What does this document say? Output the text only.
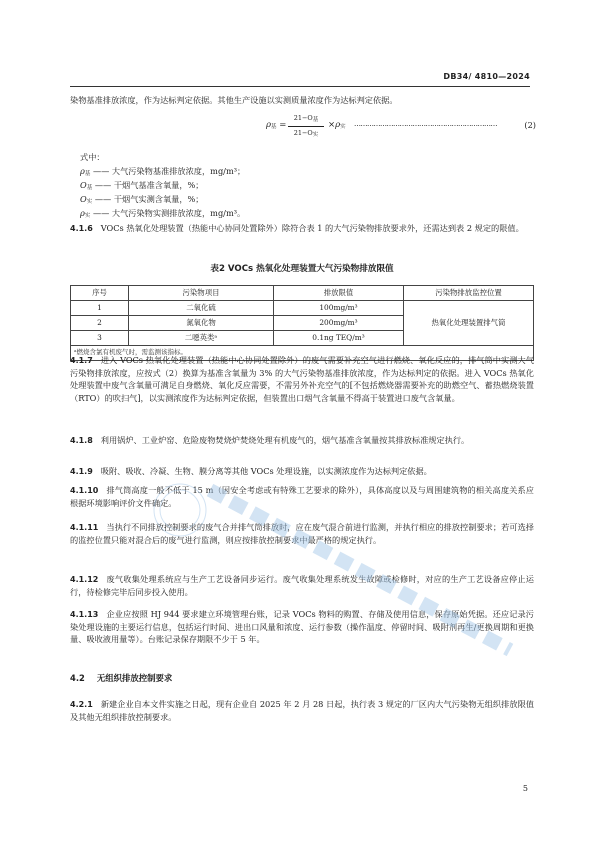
DB34/ 4810—2024

染物基准排放浓度，作为达标判定依据。其他生产设施以实测质量浓度作为达标判定依据。

ρ基 =
21−O基
21−O实
×ρ实 …………………………………………………………	(2)
式中：
ρ基 —— 大气污染物基准排放浓度，mg/m³；
O基 —— 干烟气基准含氧量，%；
O实 —— 干烟气实测含氧量，%；
ρ实 —— 大气污染物实测排放浓度，mg/m³。

4.1.6 VOCs 热氧化处理装置（热能中心协同处置除外）除符合表 1 的大气污染物排放要求外，还需达到表 2 规定的限值。

表2 VOCs 热氧化处理装置大气污染物排放限值
序号	污染物项目	排放限值	污染物排放监控位置
1	二氧化硫	100mg/m³	热氧化处理装置排气筒
2	氮氧化物	200mg/m³	
3	二噁英类ᵃ	0.1ng TEQ/m³	
ᵃ燃烧含氯有机废气时，需监测该指标。			

4.1.7 进入 VOCs 热氧化处理装置（热能中心协同处置除外）的废气需要补充空气进行燃烧、氧化反应的，排气筒中实测大气污染物排放浓度，应按式（2）换算为基准含氧量为 3% 的大气污染物基准排放浓度，作为达标判定的依据。进入 VOCs 热氧化处理装置中废气含氧量可满足自身燃烧、氧化反应需要，不需另外补充空气的[不包括燃烧器需要补充的助燃空气、蓄热燃烧装置（RTO）的吹扫气]，以实测浓度作为达标判定依据，但装置出口烟气含氧量不得高于装置进口废气含氧量。

4.1.8 利用锅炉、工业炉窑、危险废物焚烧炉焚烧处理有机废气的，烟气基准含氧量按其排放标准规定执行。

4.1.9 吸附、吸收、冷凝、生物、膜分离等其他 VOCs 处理设施，以实测浓度作为达标判定依据。

4.1.10 排气筒高度一般不低于 15 m（因安全考虑或有特殊工艺要求的除外），具体高度以及与周围建筑物的相关高度关系应根据环境影响评价文件确定。

4.1.11 当执行不同排放控制要求的废气合并排气筒排放时，应在废气混合前进行监测，并执行相应的排放控制要求；若可选择的监控位置只能对混合后的废气进行监测，则应按排放控制要求中最严格的规定执行。

4.1.12 废气收集处理系统应与生产工艺设备同步运行。废气收集处理系统发生故障或检修时，对应的生产工艺设备应停止运行，待检修完毕后同步投入使用。

4.1.13 企业应按照 HJ 944 要求建立环境管理台账，记录 VOCs 物料的购置、存储及使用信息，保存原始凭据。还应记录污染处理设施的主要运行信息，包括运行时间、进出口风量和浓度、运行参数（操作温度、停留时间、吸附剂再生/更换周期和更换量、吸收液用量等）。台账记录保存期限不少于 5 年。

4.2 无组织排放控制要求

4.2.1 新建企业自本文件实施之日起，现有企业自 2025 年 2 月 28 日起，执行表 3 规定的厂区内大气污染物无组织排放限值及其他无组织排放控制要求。

5
